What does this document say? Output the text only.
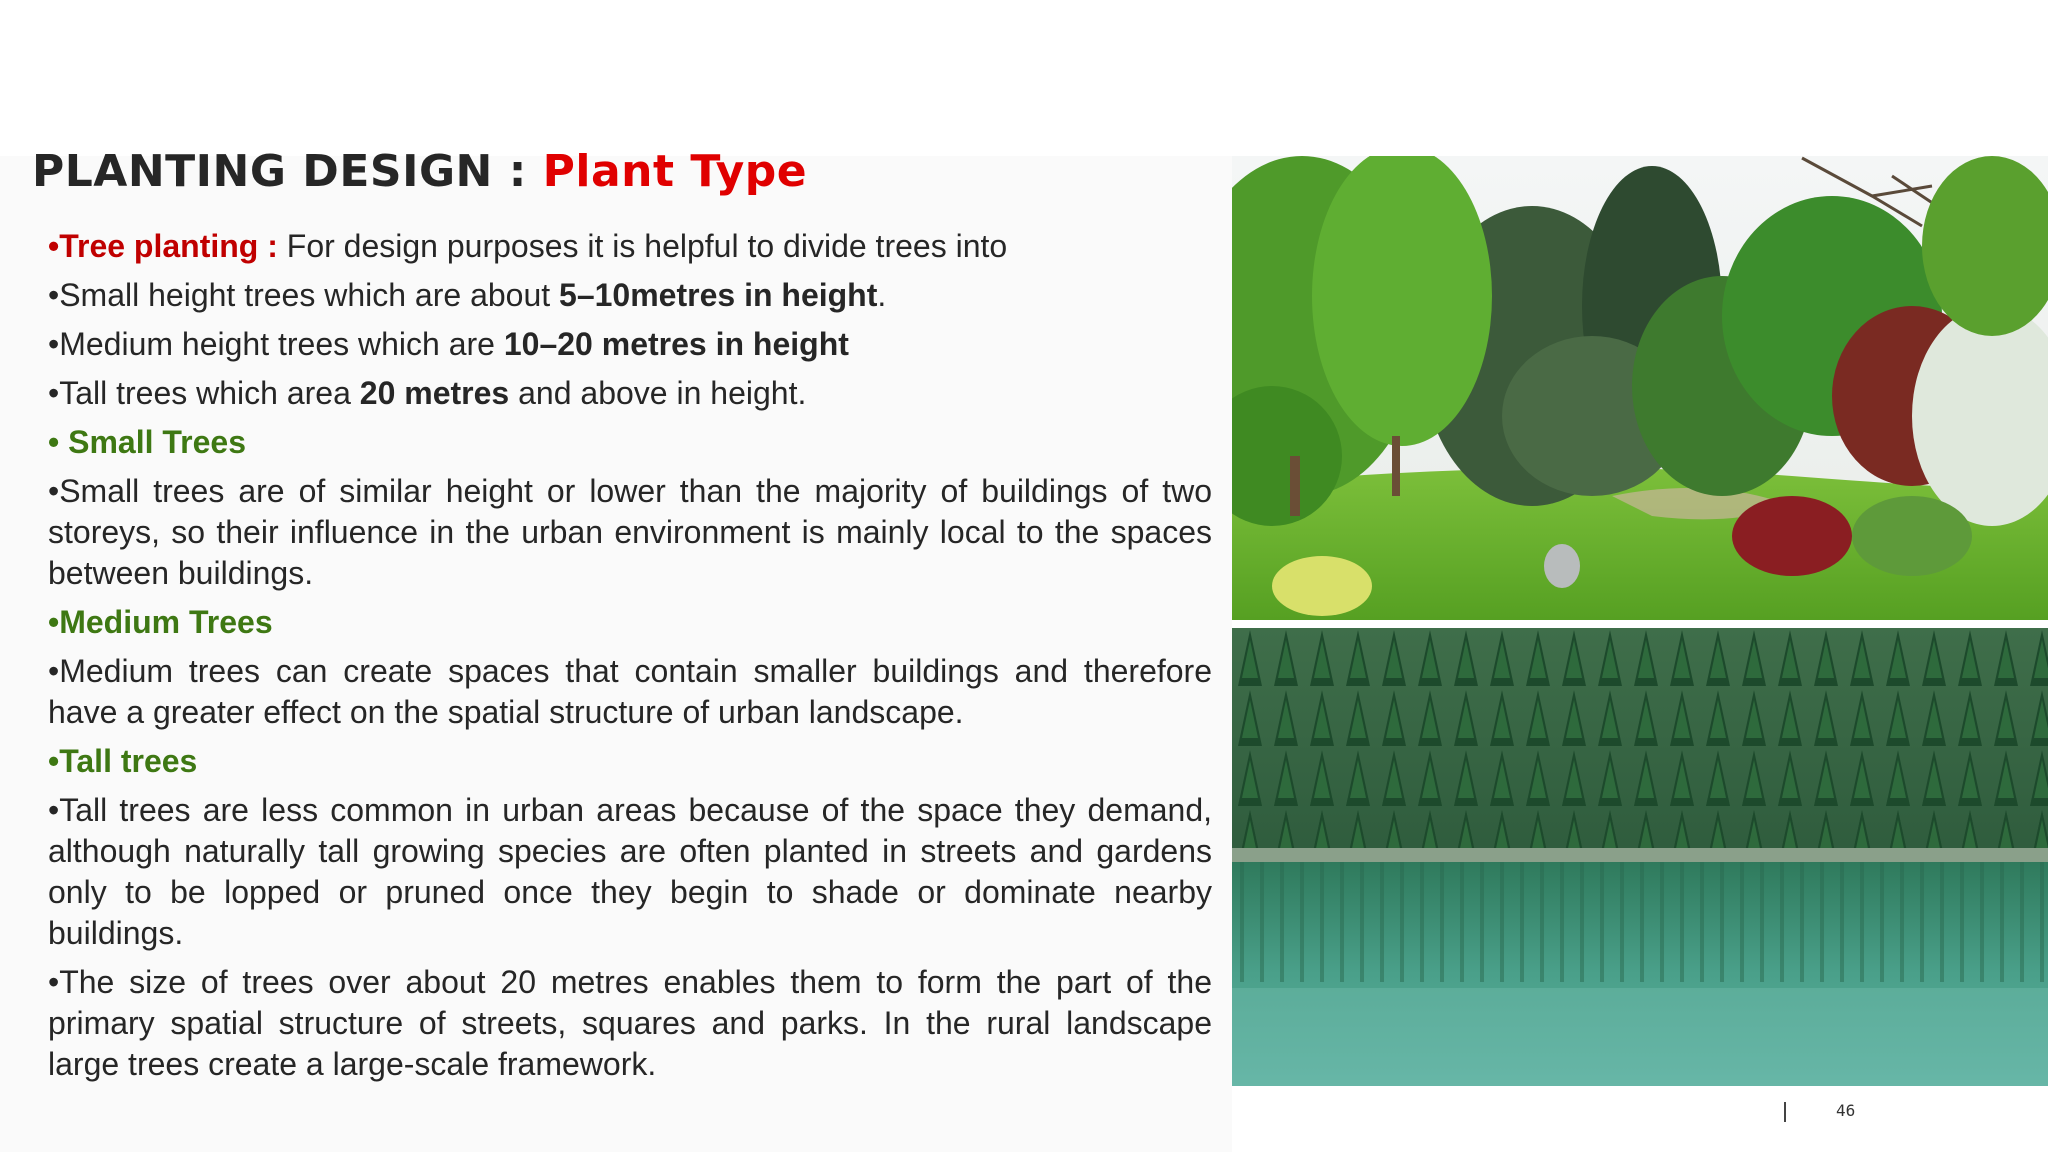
PLANTING DESIGN : Plant Type

•Tree planting : For design purposes it is helpful to divide trees into

•Small height trees which are about 5–10metres in height.

•Medium height trees which are 10–20 metres in height

•Tall trees which area 20 metres and above in height.

• Small Trees

•Small trees are of similar height or lower than the majority of buildings of two storeys, so their influence in the urban environment is mainly local to the spaces between buildings.

•Medium Trees

•Medium trees can create spaces that contain smaller buildings and therefore have a greater effect on the spatial structure of urban landscape.

•Tall trees

•Tall trees are less common in urban areas because of the space they demand, although naturally tall growing species are often planted in streets and gardens only to be lopped or pruned once they begin to shade or dominate nearby buildings.

•The size of trees over about 20 metres enables them to form the part of the primary spatial structure of streets, squares and parks. In the rural landscape large trees create a large-scale framework.

46
